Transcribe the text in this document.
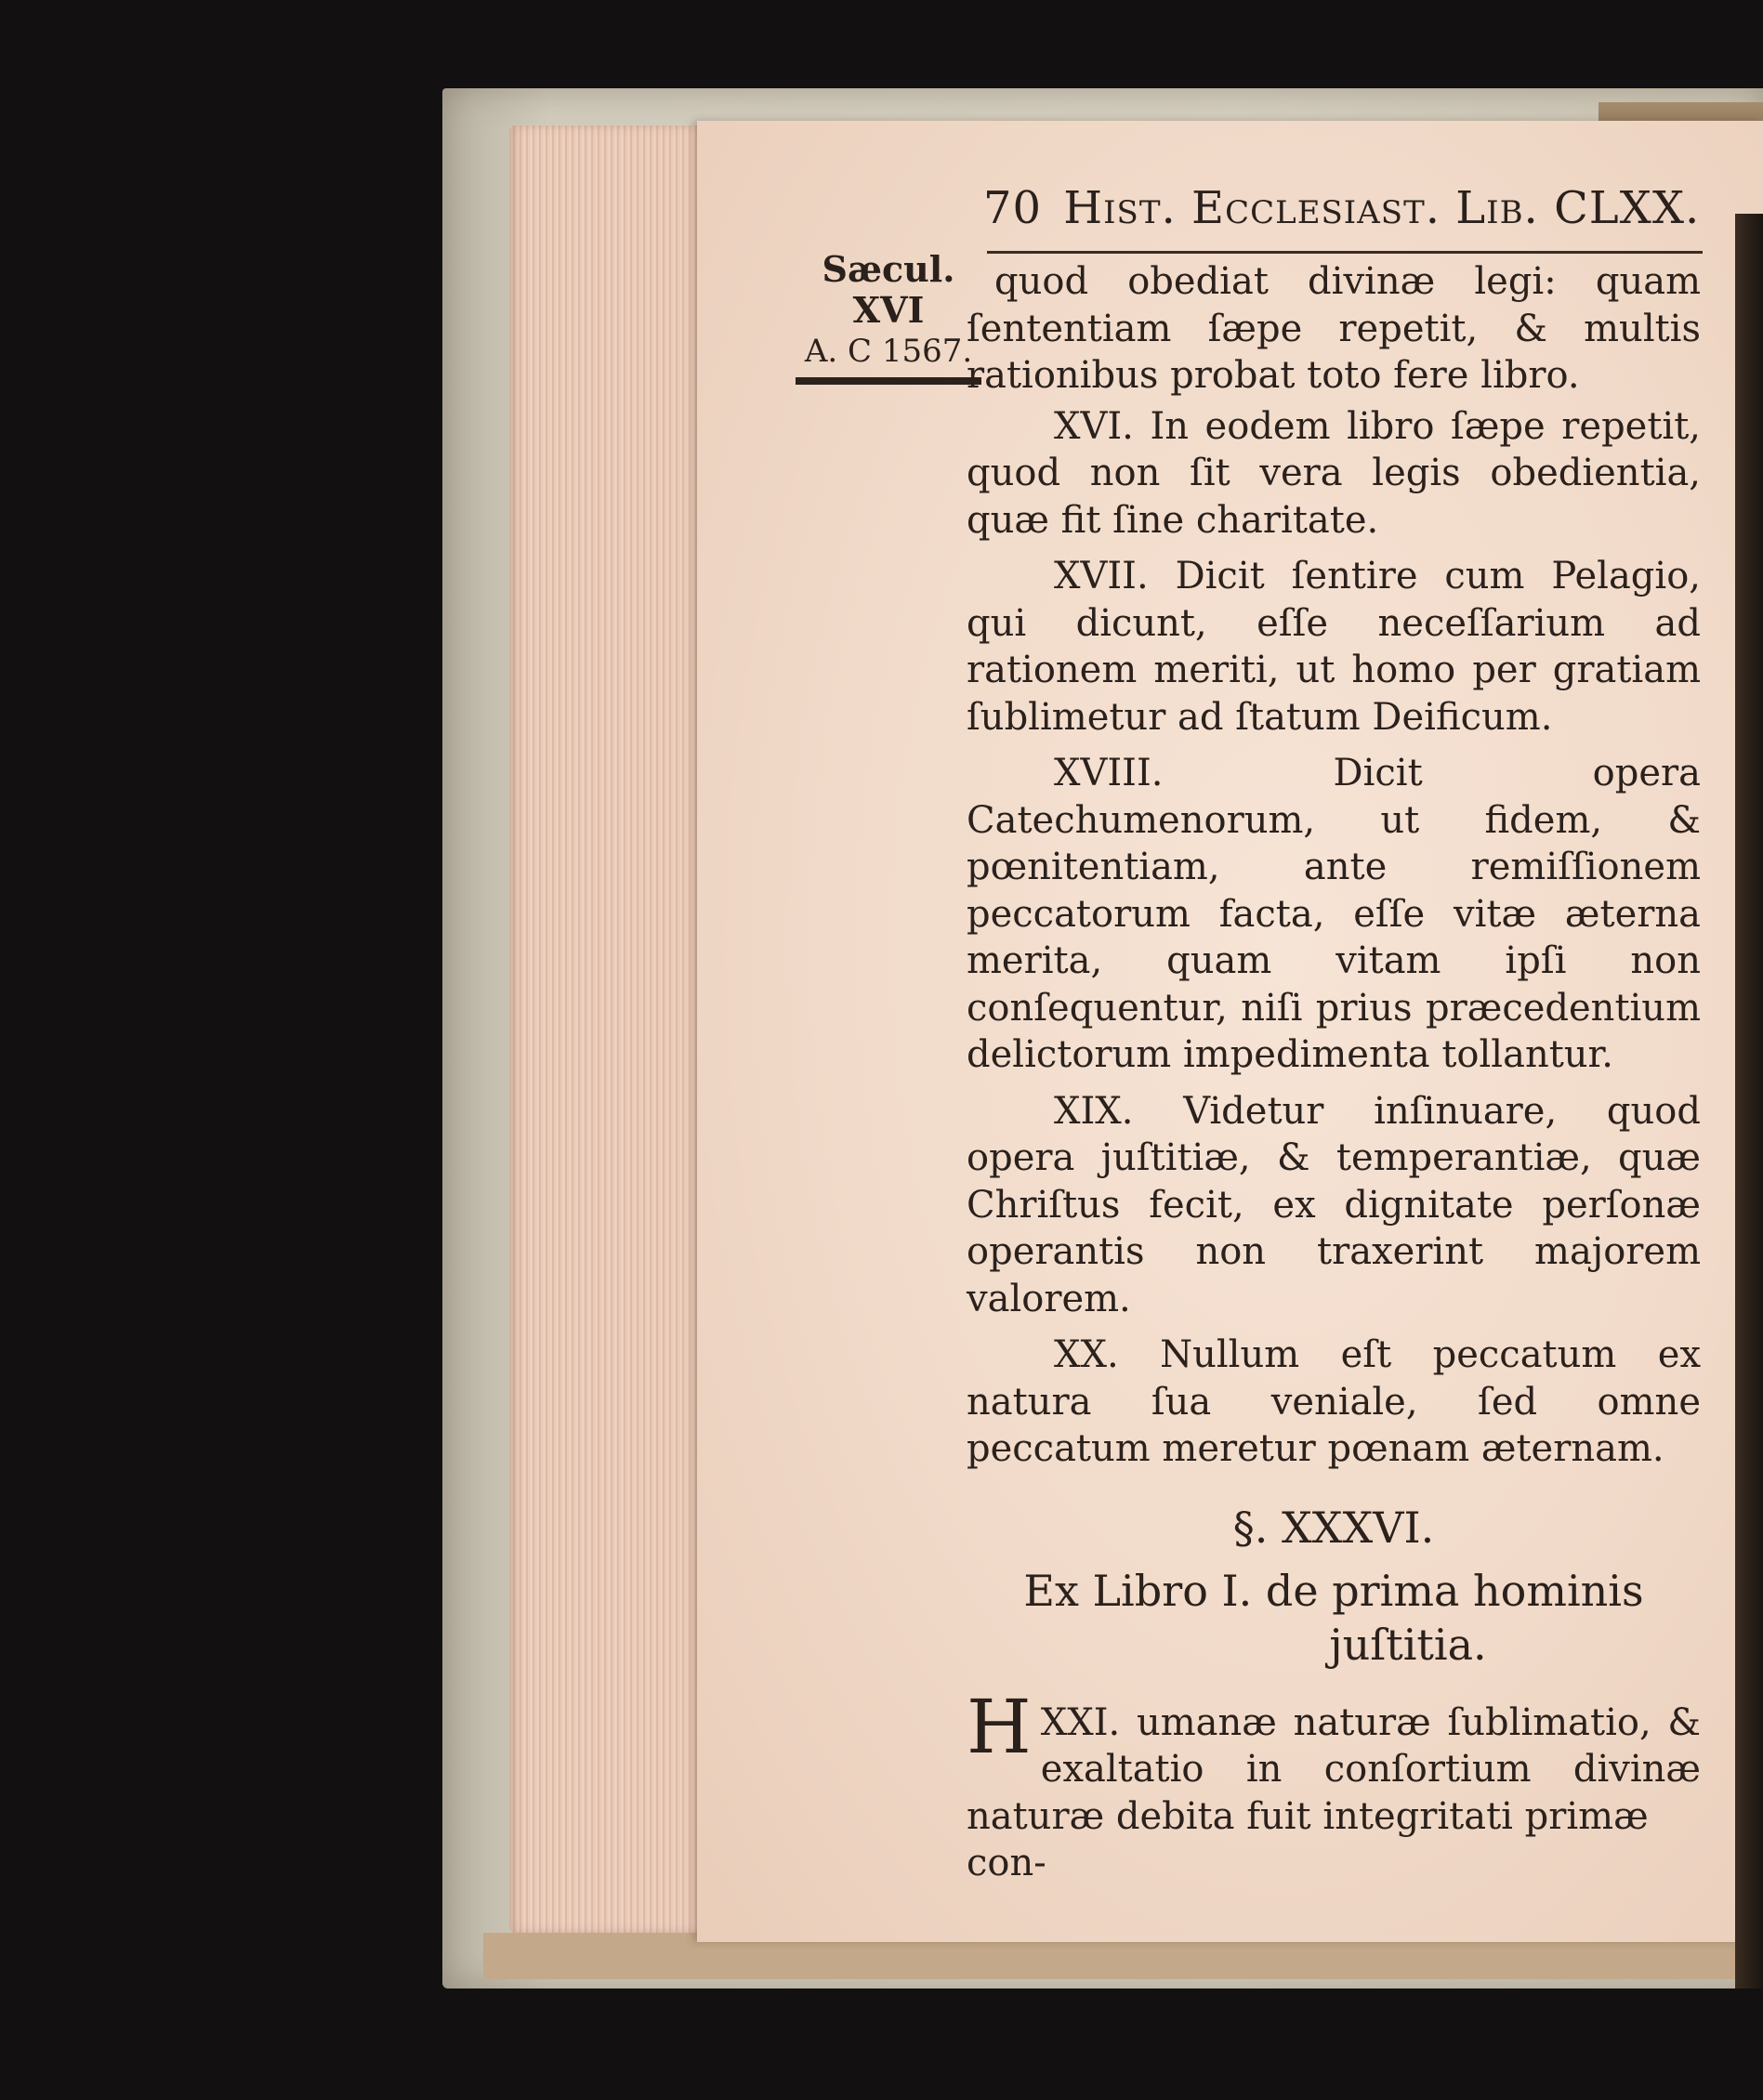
70 Hist. Ecclesiast. Lib. CLXX.
Sæcul. XVI
A. C 1567.

quod obediat divinæ legi: quam ſententiam ſæpe repetit, & multis rationibus probat toto fere libro.

XVI. In eodem libro ſæpe repetit, quod non ſit vera legis obedientia, quæ fit ſine charitate.

XVII. Dicit ſentire cum Pelagio, qui dicunt, eſſe neceſſarium ad rationem meriti, ut homo per gratiam ſublimetur ad ſtatum Deificum.

XVIII. Dicit opera Catechumenorum, ut fidem, & pœnitentiam, ante remiſſionem peccatorum facta, eſſe vitæ æterna merita, quam vitam ipſi non conſequentur, niſi prius præcedentium delictorum impedimenta tollantur.

XIX. Videtur inſinuare, quod opera juſtitiæ, & temperantiæ, quæ Chriſtus fecit, ex dignitate perſonæ operantis non traxerint majorem valorem.

XX. Nullum eſt peccatum ex natura ſua veniale, ſed omne peccatum meretur pœnam æternam.

§. XXXVI.
Ex Libro I. de prima hominis
juſtitia.

XXI.
H	umanæ naturæ ſublimatio, & exaltatio in conſortium divinæ naturæ debita fuit integritati primæ

con-
